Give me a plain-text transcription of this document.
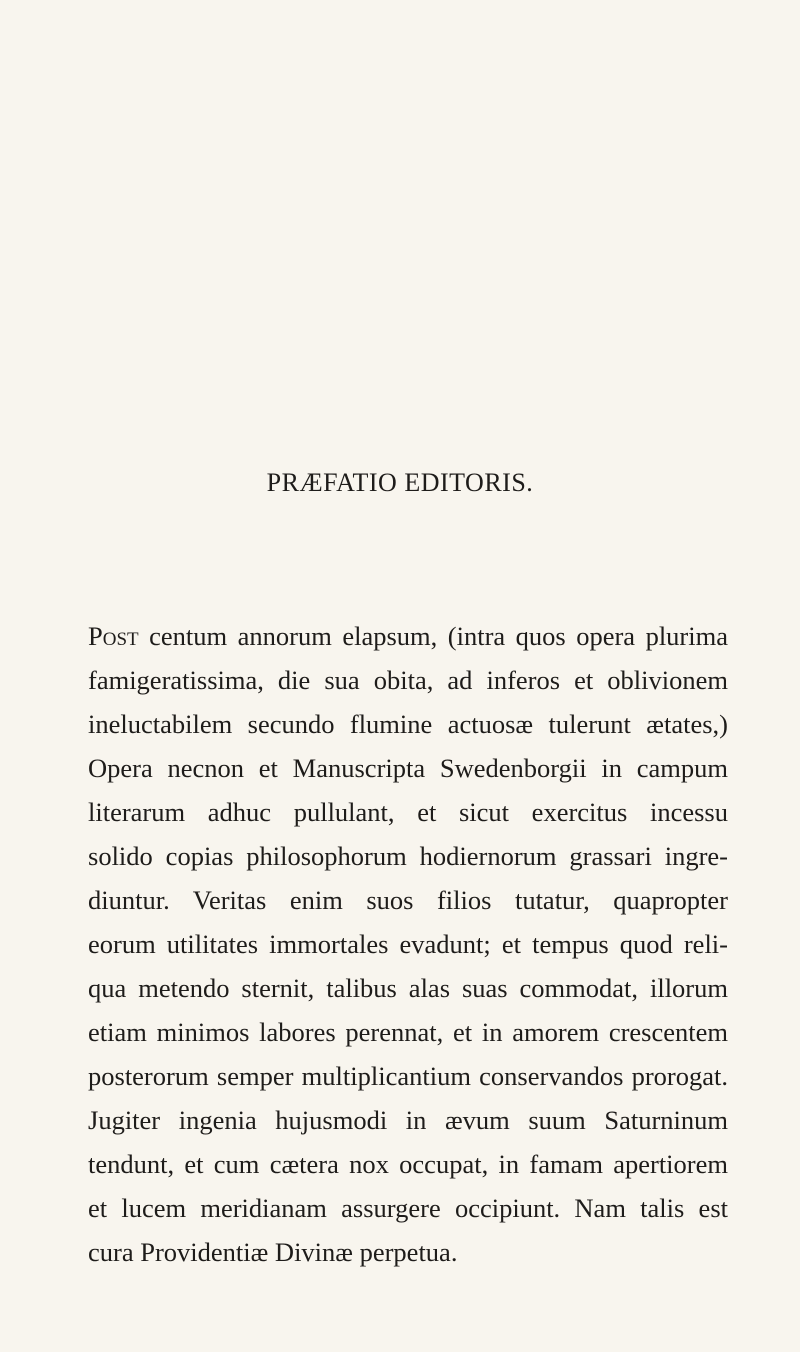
PRÆFATIO EDITORIS.
Post centum annorum elapsum, (intra quos opera plurima
famigeratissima, die sua obita, ad inferos et oblivionem
ineluctabilem secundo flumine actuosæ tulerunt ætates,)
Opera necnon et Manuscripta Swedenborgii in campum
literarum adhuc pullulant, et sicut exercitus incessu
solido copias philosophorum hodiernorum grassari ingre-
diuntur. Veritas enim suos filios tutatur, quapropter
eorum utilitates immortales evadunt; et tempus quod reli-
qua metendo sternit, talibus alas suas commodat, illorum
etiam minimos labores perennat, et in amorem crescentem
posterorum semper multiplicantium conservandos prorogat.
Jugiter ingenia hujusmodi in ævum suum Saturninum
tendunt, et cum cætera nox occupat, in famam apertiorem
et lucem meridianam assurgere occipiunt. Nam talis est
cura Providentiæ Divinæ perpetua.
